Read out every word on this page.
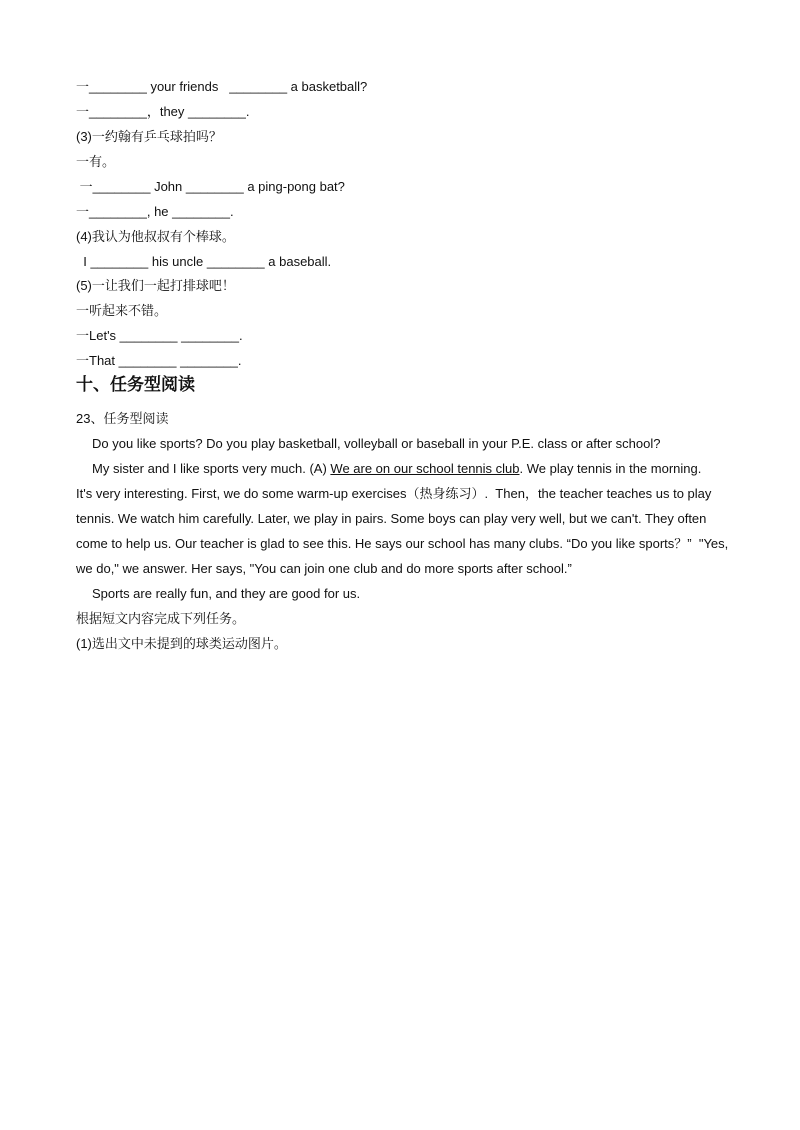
一________ your friends   ________ a basketball?
一________，they ________.
(3)一约翰有乒乓球拍吗？
一有。
一________ John ________ a ping-pong bat?
一________, he ________.
(4)我认为他叔叔有个棒球。
I ________ his uncle ________ a baseball.
(5)一让我们一起打排球吧！
一听起来不错。
一Let's ________ ________.
一That ________ ________.
十、任务型阅读
23、任务型阅读
Do you like sports? Do you play basketball, volleyball or baseball in your P.E. class or after school?
My sister and I like sports very much. (A) We are on our school tennis club. We play tennis in the morning.
It's very interesting. First, we do some warm-up exercises（热身练习）.  Then，the teacher teaches us to play
tennis. We watch him carefully. Later, we play in pairs. Some boys can play very well, but we can't. They often
come to help us. Our teacher is glad to see this. He says our school has many clubs. “Do you like sports？”  "Yes,
we do," we answer. Her says, "You can join one club and do more sports after school.”
Sports are really fun, and they are good for us.
根据短文内容完成下列任务。
(1)选出文中未提到的球类运动图片。
